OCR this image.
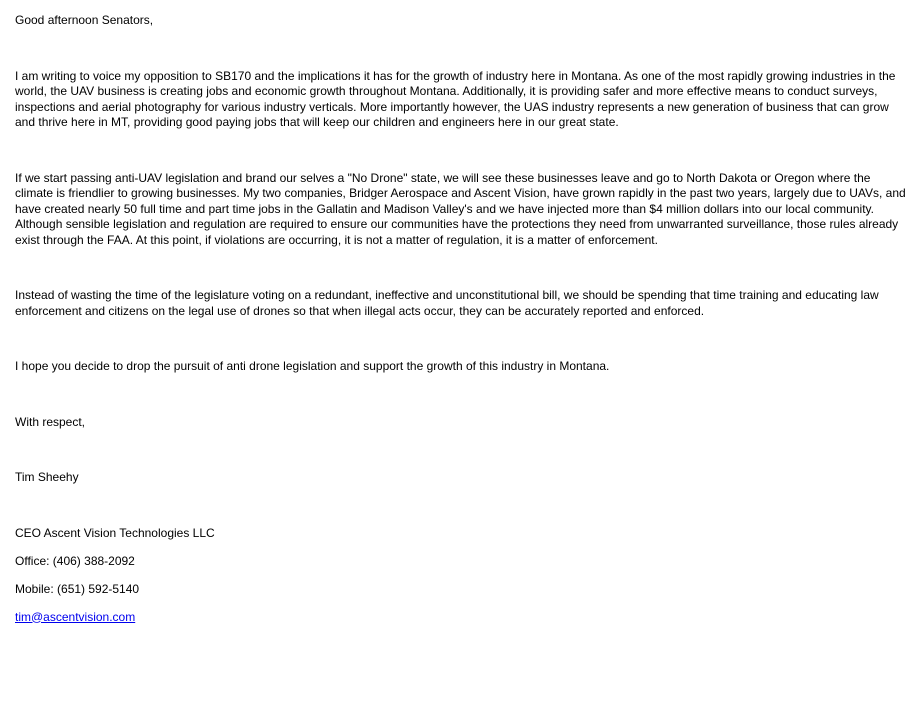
Good afternoon Senators,

I am writing to voice my opposition to SB170 and the implications it has for the growth of industry here in Montana. As one of the most rapidly growing industries in the world, the UAV business is creating jobs and economic growth throughout Montana. Additionally, it is providing safer and more effective means to conduct surveys, inspections and aerial photography for various industry verticals. More importantly however, the UAS industry represents a new generation of business that can grow and thrive here in MT, providing good paying jobs that will keep our children and engineers here in our great state.

If we start passing anti-UAV legislation and brand our selves a "No Drone" state, we will see these businesses leave and go to North Dakota or Oregon where the climate is friendlier to growing businesses. My two companies, Bridger Aerospace and Ascent Vision, have grown rapidly in the past two years, largely due to UAVs, and have created nearly 50 full time and part time jobs in the Gallatin and Madison Valley's and we have injected more than $4 million dollars into our local community. Although sensible legislation and regulation are required to ensure our communities have the protections they need from unwarranted surveillance, those rules already exist through the FAA. At this point, if violations are occurring, it is not a matter of regulation, it is a matter of enforcement.

Instead of wasting the time of the legislature voting on a redundant, ineffective and unconstitutional bill, we should be spending that time training and educating law enforcement and citizens on the legal use of drones so that when illegal acts occur, they can be accurately reported and enforced.

I hope you decide to drop the pursuit of anti drone legislation and support the growth of this industry in Montana.

With respect,

Tim Sheehy

CEO Ascent Vision Technologies LLC

Office: (406) 388-2092

Mobile: (651) 592-5140

tim@ascentvision.com
